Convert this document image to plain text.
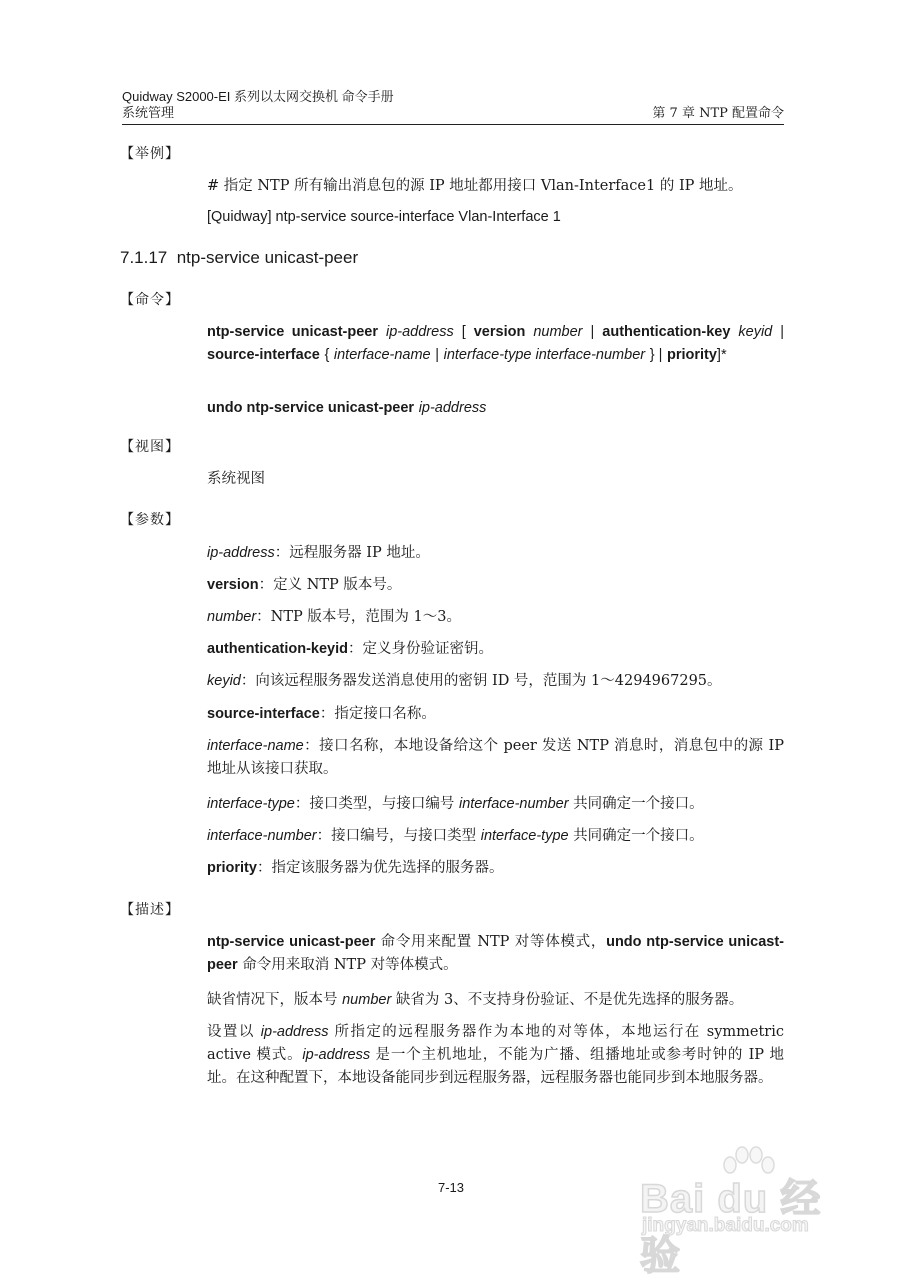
Quidway S2000-EI 系列以太网交换机 命令手册
系统管理	第 7 章 NTP 配置命令
【举例】
# 指定 NTP 所有输出消息包的源 IP 地址都用接口 Vlan-Interface1 的 IP 地址。
[Quidway] ntp-service source-interface Vlan-Interface 1
7.1.17 ntp-service unicast-peer
【命令】
ntp-service unicast-peer ip-address [ version number | authentication-key keyid | source-interface { interface-name | interface-type interface-number } | priority]*
undo ntp-service unicast-peer ip-address
【视图】
系统视图
【参数】
ip-address：远程服务器 IP 地址。
version：定义 NTP 版本号。
number：NTP 版本号，范围为 1～3。
authentication-keyid：定义身份验证密钥。
keyid：向该远程服务器发送消息使用的密钥 ID 号，范围为 1～4294967295。
source-interface：指定接口名称。
interface-name：接口名称，本地设备给这个 peer 发送 NTP 消息时，消息包中的源 IP 地址从该接口获取。
interface-type：接口类型，与接口编号 interface-number 共同确定一个接口。
interface-number：接口编号，与接口类型 interface-type 共同确定一个接口。
priority：指定该服务器为优先选择的服务器。
【描述】
ntp-service unicast-peer 命令用来配置 NTP 对等体模式，undo ntp-service unicast-peer 命令用来取消 NTP 对等体模式。
缺省情况下，版本号 number 缺省为 3、不支持身份验证、不是优先选择的服务器。
设置以 ip-address 所指定的远程服务器作为本地的对等体，本地运行在 symmetric active 模式。ip-address 是一个主机地址，不能为广播、组播地址或参考时钟的 IP 地址。在这种配置下，本地设备能同步到远程服务器，远程服务器也能同步到本地服务器。
7-13	Bai du 经验
jingyan.baidu.com
